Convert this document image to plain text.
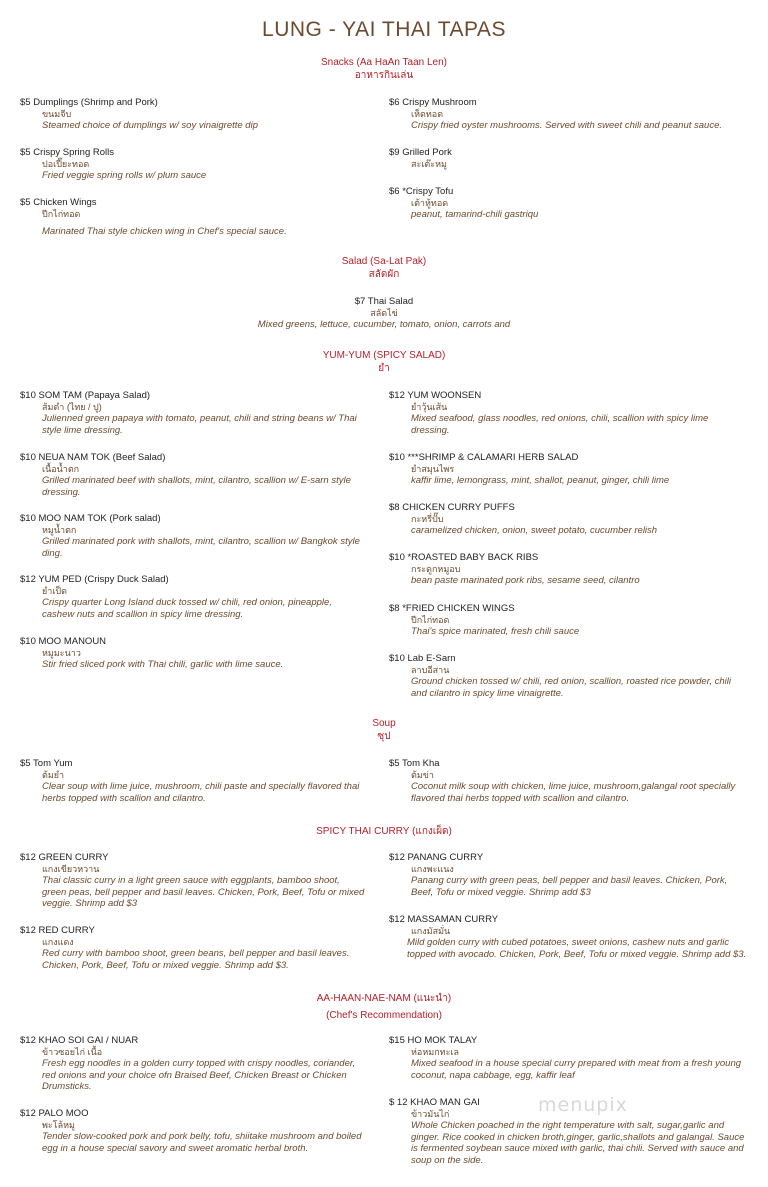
LUNG - YAI THAI TAPAS
Snacks (Aa HaAn Taan Len)
อาหารกินเล่น
$5 Dumplings (Shrimp and Pork)
ขนมจีบ
Steamed choice of dumplings w/ soy vinaigrette dip
$5 Crispy Spring Rolls
ปอเปี๊ยะทอด
Fried veggie spring rolls w/ plum sauce
$5 Chicken Wings
ปีกไก่ทอด
Marinated Thai style chicken wing in Chef's special sauce.
$6 Crispy Mushroom
เห็ดทอด
Crispy fried oyster mushrooms. Served with sweet chili and peanut sauce.
$9 Grilled Pork
สะเต๊ะหมู
$6 *Crispy Tofu
เต้าหู้ทอด
peanut, tamarind-chili gastriqu
Salad (Sa-Lat Pak)
สลัดผัก
$7 Thai Salad
สลัดไข่
Mixed greens, lettuce, cucumber, tomato, onion, carrots and
YUM-YUM (SPICY SALAD)
ยำ
$10 SOM TAM (Papaya Salad)
ส้มตำ (ไทย / ปู)
Julienned green papaya with tomato, peanut, chili and string beans w/ Thai style lime dressing.
$10 NEUA NAM TOK (Beef Salad)
เนื้อน้ำตก
Grilled marinated beef with shallots, mint, cilantro, scallion w/ E-sarn style dressing.
$10 MOO NAM TOK (Pork salad)
หมูน้ำตก
Grilled marinated pork with shallots, mint, cilantro, scallion w/ Bangkok style ding.
$12 YUM PED (Crispy Duck Salad)
ยำเป็ด
Crispy quarter Long Island duck tossed w/ chili, red onion, pineapple, cashew nuts and scallion in spicy lime dressing.
$10 MOO MANOUN
หมูมะนาว
Stir fried sliced pork with Thai chili, garlic with lime sauce.
$12 YUM WOONSEN
ยำวุ้นเส้น
Mixed seafood, glass noodles, red onions, chili, scallion with spicy lime dressing.
$10 ***SHRIMP & CALAMARI HERB SALAD
ยำสมุนไพร
kaffir lime, lemongrass, mint, shallot, peanut, ginger, chili lime
$8 CHICKEN CURRY PUFFS
กะหรี่ปั๊บ
caramelized chicken, onion, sweet potato, cucumber relish
$10 *ROASTED BABY BACK RIBS
กระดูกหมูอบ
bean paste marinated pork ribs, sesame seed, cilantro
$8 *FRIED CHICKEN WINGS
ปีกไก่ทอด
Thai's spice marinated, fresh chili sauce
$10 Lab E-Sarn
ลาบอีสาน
Ground chicken tossed w/ chili, red onion, scallion, roasted rice powder, chili and cilantro in spicy lime vinaigrette.
Soup
ซุป
$5 Tom Yum
ต้มยำ
Clear soup with lime juice, mushroom, chili paste and specially flavored thai herbs topped with scallion and cilantro.
$5 Tom Kha
ต้มข่า
Coconut milk soup with chicken, lime juice, mushroom,galangal root specially flavored thai herbs topped with scallion and cilantro.
SPICY THAI CURRY (แกงเผ็ด)
$12 GREEN CURRY
แกงเขียวหวาน
Thai classic curry in a light green sauce with eggplants, bamboo shoot, green peas, bell pepper and basil leaves. Chicken, Pork, Beef, Tofu or mixed veggie. Shrimp add $3
$12 RED CURRY
แกงแดง
Red curry with bamboo shoot, green beans, bell pepper and basil leaves. Chicken, Pork, Beef, Tofu or mixed veggie. Shrimp add $3.
$12 PANANG CURRY
แกงพะแนง
Panang curry with green peas, bell pepper and basil leaves. Chicken, Pork, Beef, Tofu or mixed veggie. Shrimp add $3
$12 MASSAMAN CURRY
แกงมัสมั่น
Mild golden curry with cubed potatoes, sweet onions, cashew nuts and garlic topped with avocado. Chicken, Pork, Beef, Tofu or mixed veggie. Shrimp add $3.
AA-HAAN-NAE-NAM (แนะนำ)
(Chef's Recommendation)
$12 KHAO SOI GAI / NUAR
ข้าวซอยไก่ เนื้อ
Fresh egg noodles in a golden curry topped with crispy noodles, coriander, red onions and your choice ofn Braised Beef, Chicken Breast or Chicken Drumsticks.
$12 PALO MOO
พะโล้หมู
Tender slow-cooked pork and pork belly, tofu, shiitake mushroom and boiled egg in a house special savory and sweet aromatic herbal broth.
$15 HO MOK TALAY
ห่อหมกทะเล
Mixed seafood in a house special curry prepared with meat from a fresh young coconut, napa cabbage, egg, kaffir leaf
$ 12 KHAO MAN GAI
ข้าวมันไก่
Whole Chicken poached in the right temperature with salt, sugar,garlic and ginger. Rice cooked in chicken broth,ginger, garlic,shallots and galangal. Sauce is fermented soybean sauce mixed with garlic, thai chili. Served with sauce and soup on the side.
menupix
